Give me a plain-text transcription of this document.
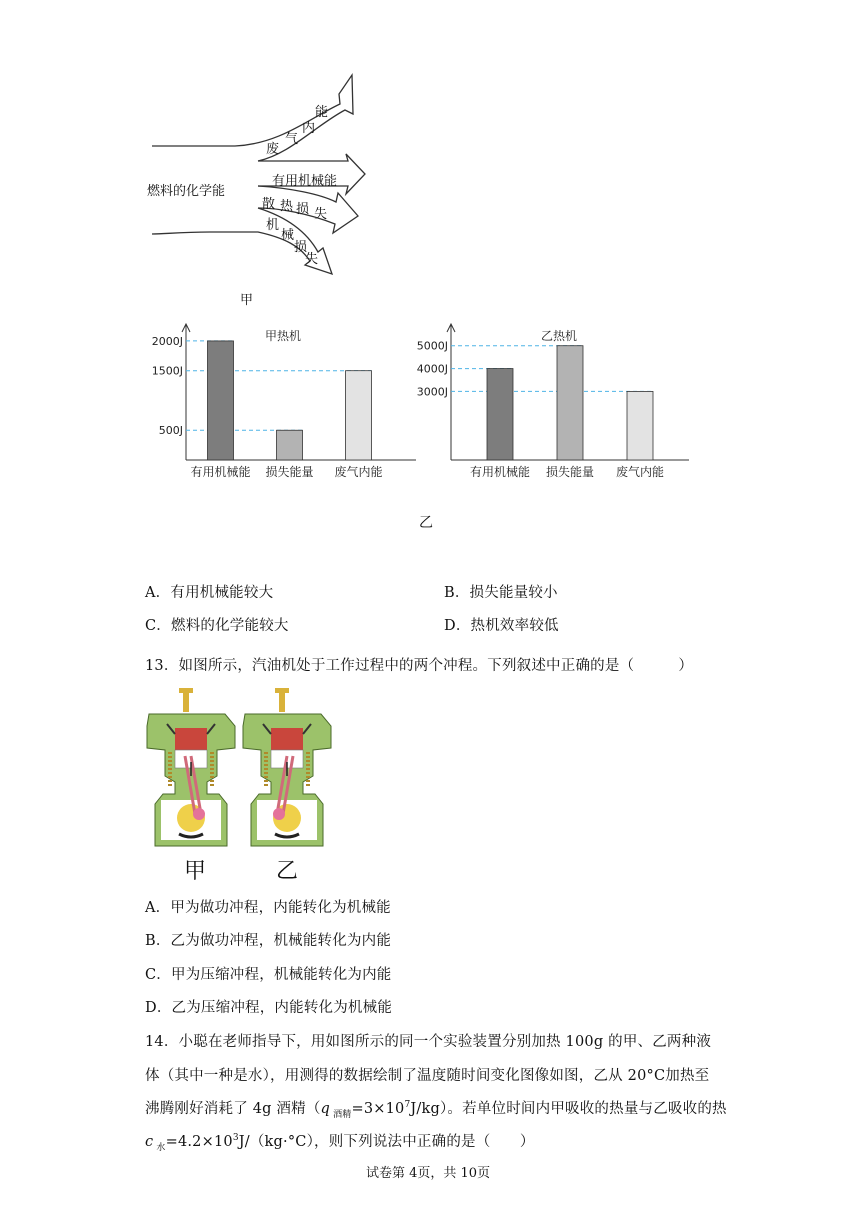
燃料的化学能
废
气
内
能
有用机械能
散 热 损 失
机
械
损
失
甲
甲热机
2000J
1500J
500J
有用机械能 损失能量 废气内能
乙热机
5000J
4000J
3000J
有用机械能 损失能量 废气内能
乙
A．有用机械能较大	B．损失能量较小
C．燃料的化学能较大	D．热机效率较低
13．如图所示，汽油机处于工作过程中的两个冲程。下列叙述中正确的是（　　　）
甲	乙
A．甲为做功冲程，内能转化为机械能
B．乙为做功冲程，机械能转化为内能
C．甲为压缩冲程，机械能转化为内能
D．乙为压缩冲程，内能转化为机械能
14．小聪在老师指导下，用如图所示的同一个实验装置分别加热 100g 的甲、乙两种液
体（其中一种是水），用测得的数据绘制了温度随时间变化图像如图，乙从 20°C加热至
沸腾刚好消耗了 4g 酒精（q $_{酒精}=3\times 10^7J/kg$）。若单位时间内甲吸收的热量与乙吸收的热
c $_水=4.2\times 10^3J/(kg\cdot^\circ C)$，则下列说法中正确的是（　　）
试卷第 4页，共 10页
